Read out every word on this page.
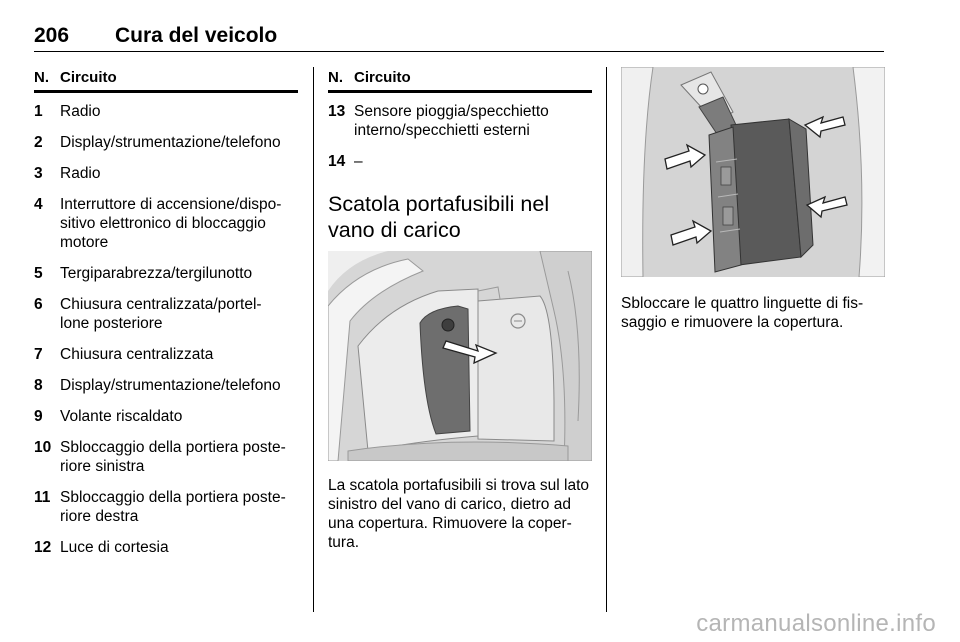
206 Cura del veicolo
N. Circuito
1	Radio
2	Display/strumentazione/telefono
3	Radio
4	Interruttore di accensione/dispo-sitivo elettronico di bloccaggio motore
5	Tergiparabrezza/tergilunotto
6	Chiusura centralizzata/portel-lone posteriore
7	Chiusura centralizzata
8	Display/strumentazione/telefono
9	Volante riscaldato
10 Sbloccaggio della portiera poste-riore sinistra
11 Sbloccaggio della portiera poste-riore destra
12 Luce di cortesia
N. Circuito
13 Sensore pioggia/specchietto interno/specchietti esterni
14 –
Scatola portafusibili nel vano di carico

La scatola portafusibili si trova sul lato sinistro del vano di carico, dietro ad una copertura. Rimuovere la coper-tura.

Sbloccare le quattro linguette di fis-saggio e rimuovere la copertura.

carmanualsonline.info
